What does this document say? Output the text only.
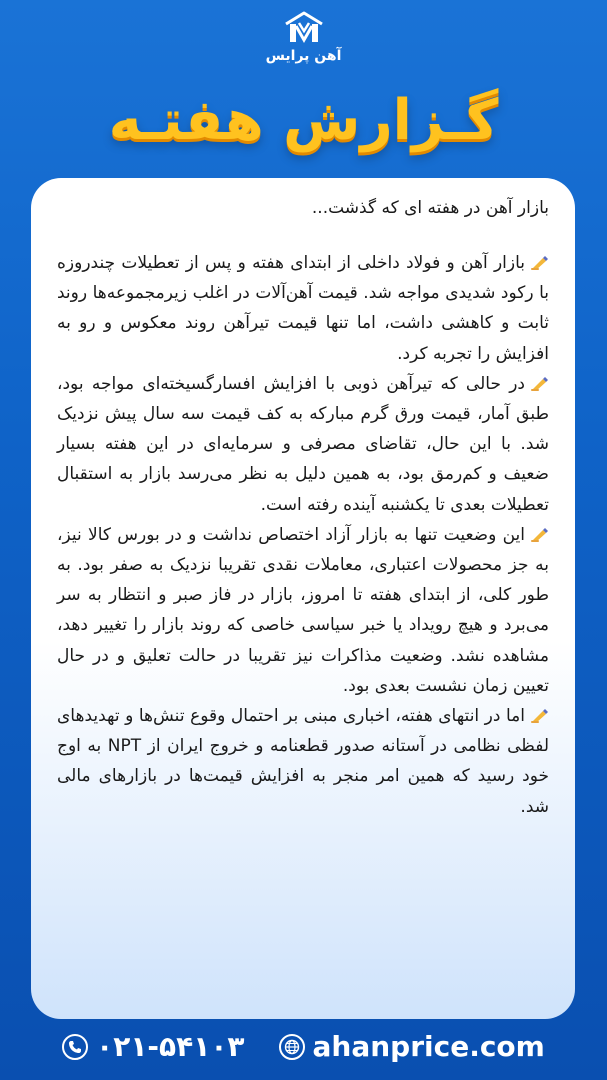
آهن پرایس
گـزارش هفتـه

بازار آهن در هفته ای که گذشت...

بازار آهن و فولاد داخلی از ابتدای هفته و پس از تعطیلات چندروزه با رکود شدیدی مواجه شد. قیمت آهن‌آلات در اغلب زیرمجموعه‌ها روند ثابت و کاهشی داشت، اما تنها قیمت تیرآهن روند معکوس و رو به افزایش را تجربه کرد.

در حالی که تیرآهن ذوبی با افزایش افسارگسیخته‌ای مواجه بود، طبق آمار، قیمت ورق گرم مبارکه به کف قیمت سه سال پیش نزدیک شد. با این حال، تقاضای مصرفی و سرمایه‌ای در این هفته بسیار ضعیف و کم‌رمق بود، به همین دلیل به نظر می‌رسد بازار به استقبال تعطیلات بعدی تا یکشنبه آینده رفته است.

این وضعیت تنها به بازار آزاد اختصاص نداشت و در بورس کالا نیز، به جز محصولات اعتباری، معاملات نقدی تقریبا نزدیک به صفر بود. به طور کلی، از ابتدای هفته تا امروز، بازار در فاز صبر و انتظار به سر می‌برد و هیچ رویداد یا خبر سیاسی خاصی که روند بازار را تغییر دهد، مشاهده نشد. وضعیت مذاکرات نیز تقریبا در حالت تعلیق و در حال تعیین زمان نشست بعدی بود.

اما در انتهای هفته، اخباری مبنی بر احتمال وقوع تنش‌ها و تهدیدهای لفظی نظامی در آستانه صدور قطعنامه و خروج ایران از NPT به اوج خود رسید که همین امر منجر به افزایش قیمت‌ها در بازارهای مالی شد.

۰۲۱-۵۴۱۰۳ ahanprice.com
